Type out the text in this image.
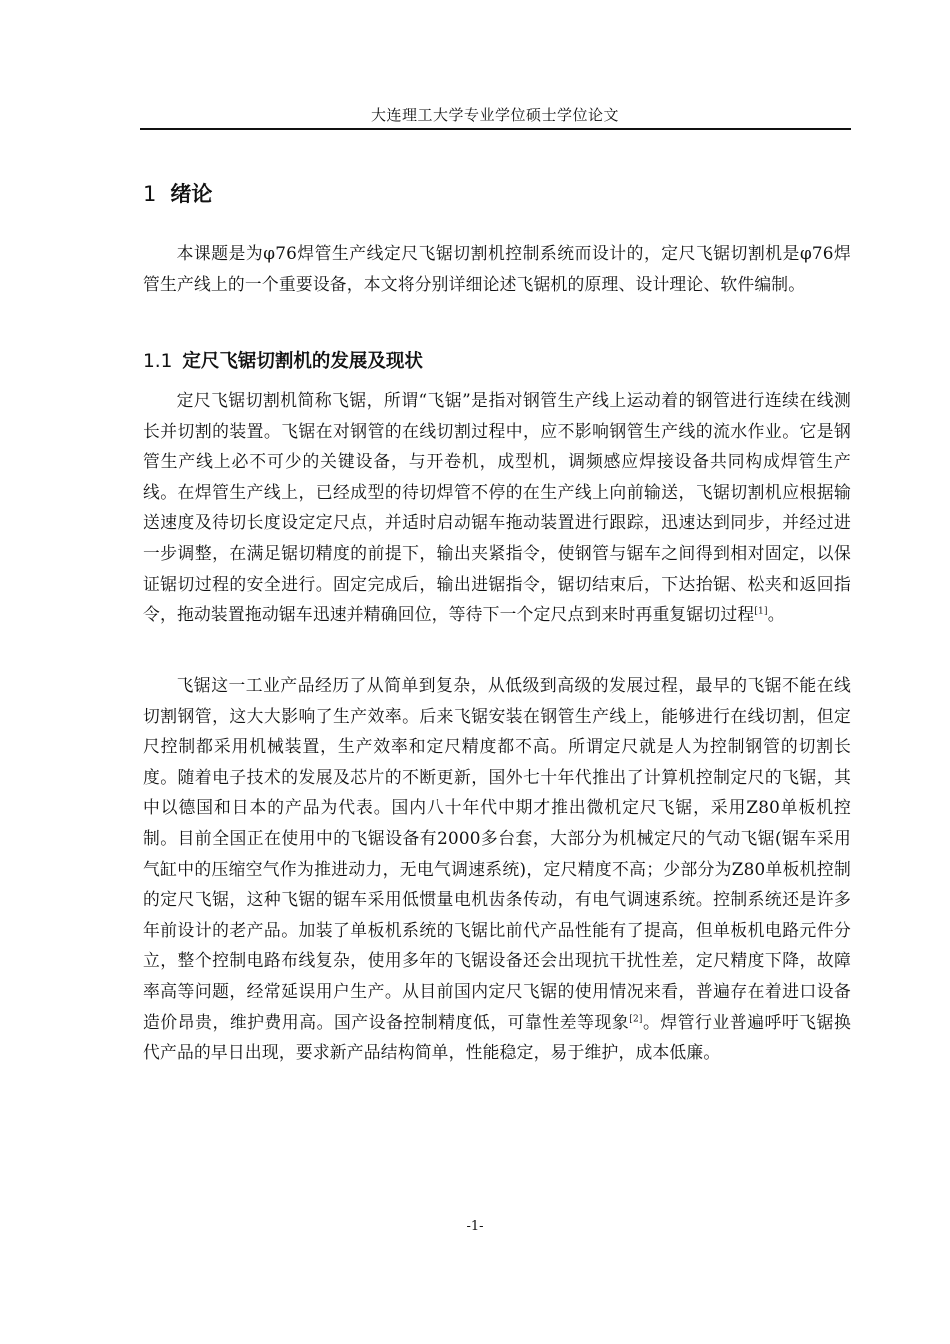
大连理工大学专业学位硕士学位论文
1 绪论

本课题是为φ76焊管生产线定尺飞锯切割机控制系统而设计的，定尺飞锯切割机是φ76焊管生产线上的一个重要设备，本文将分别详细论述飞锯机的原理、设计理论、软件编制。

1.1 定尺飞锯切割机的发展及现状

定尺飞锯切割机简称飞锯，所谓“飞锯”是指对钢管生产线上运动着的钢管进行连续在线测长并切割的装置。飞锯在对钢管的在线切割过程中，应不影响钢管生产线的流水作业。它是钢管生产线上必不可少的关键设备，与开卷机，成型机，调频感应焊接设备共同构成焊管生产线。在焊管生产线上，已经成型的待切焊管不停的在生产线上向前输送，飞锯切割机应根据输送速度及待切长度设定定尺点，并适时启动锯车拖动装置进行跟踪，迅速达到同步，并经过进一步调整，在满足锯切精度的前提下，输出夹紧指令，使钢管与锯车之间得到相对固定，以保证锯切过程的安全进行。固定完成后，输出进锯指令，锯切结束后，下达抬锯、松夹和返回指令，拖动装置拖动锯车迅速并精确回位，等待下一个定尺点到来时再重复锯切过程[1]。

飞锯这一工业产品经历了从简单到复杂，从低级到高级的发展过程，最早的飞锯不能在线切割钢管，这大大影响了生产效率。后来飞锯安装在钢管生产线上，能够进行在线切割，但定尺控制都采用机械装置，生产效率和定尺精度都不高。所谓定尺就是人为控制钢管的切割长度。随着电子技术的发展及芯片的不断更新，国外七十年代推出了计算机控制定尺的飞锯，其中以德国和日本的产品为代表。国内八十年代中期才推出微机定尺飞锯，采用Z80单板机控制。目前全国正在使用中的飞锯设备有2000多台套，大部分为机械定尺的气动飞锯(锯车采用气缸中的压缩空气作为推进动力，无电气调速系统)，定尺精度不高；少部分为Z80单板机控制的定尺飞锯，这种飞锯的锯车采用低惯量电机齿条传动，有电气调速系统。控制系统还是许多年前设计的老产品。加装了单板机系统的飞锯比前代产品性能有了提高，但单板机电路元件分立，整个控制电路布线复杂，使用多年的飞锯设备还会出现抗干扰性差，定尺精度下降，故障率高等问题，经常延误用户生产。从目前国内定尺飞锯的使用情况来看，普遍存在着进口设备造价昂贵，维护费用高。国产设备控制精度低，可靠性差等现象[2]。焊管行业普遍呼吁飞锯换代产品的早日出现，要求新产品结构简单，性能稳定，易于维护，成本低廉。

-1-
